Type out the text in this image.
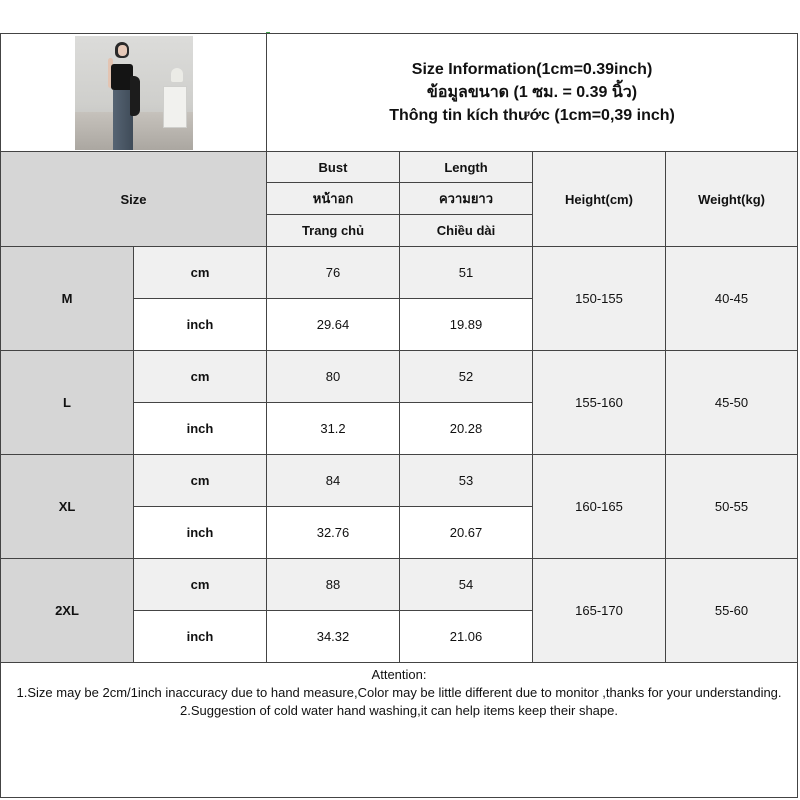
		Size Information(1cm=0.39inch)
ข้อมูลขนาด (1 ซม. = 0.39 นิ้ว)
Thông tin kích thước (1cm=0,39 inch)			

Size		Bust	Length	Height(cm)	Weight(kg)
		หน้าอก	ความยาว		
		Trang chủ	Chiều dài		
M	cm	76	51	150-155	40-45
	inch	29.64	19.89		
L	cm	80	52	155-160	45-50
	inch	31.2	20.28		
XL	cm	84	53	160-165	50-55
	inch	32.76	20.67		
2XL	cm	88	54	165-170	55-60
	inch	34.32	21.06		

Attention:
1.Size may be 2cm/1inch inaccuracy due to hand measure,Color may be little different due to monitor ,thanks for your understanding.
2.Suggestion of cold water hand washing,it can help items keep their shape.					
